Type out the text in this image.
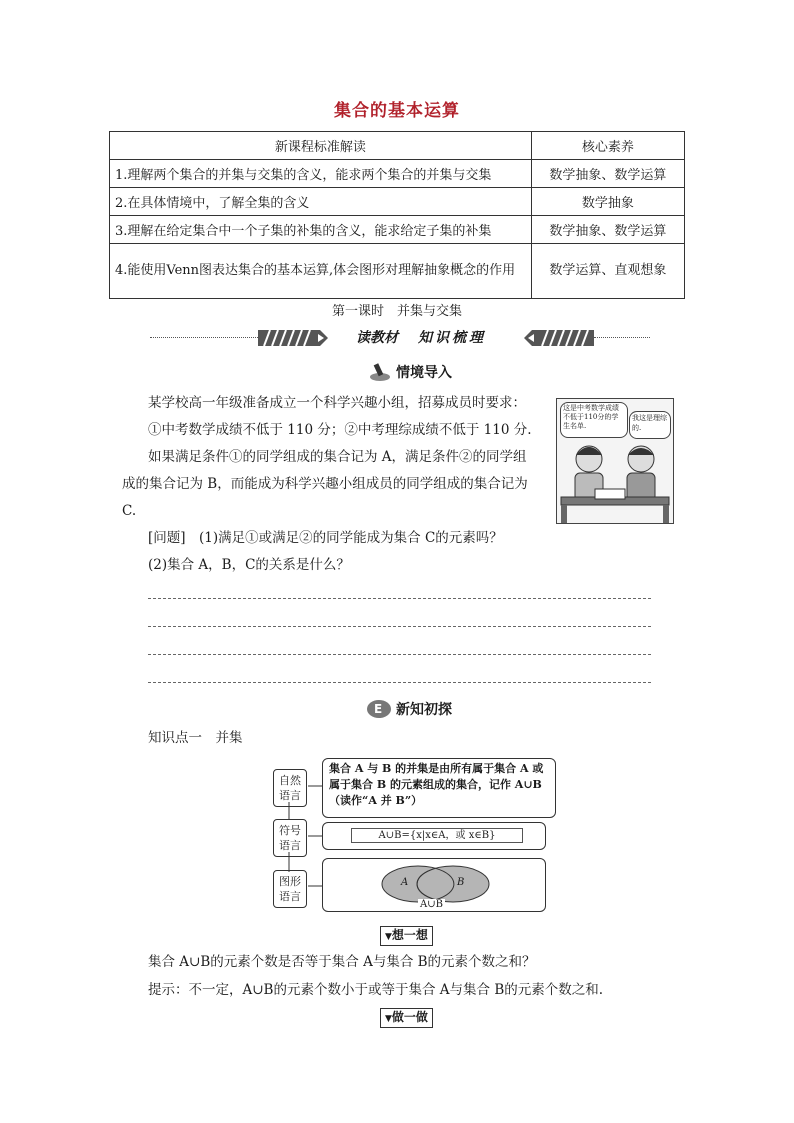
集合的基本运算
新课程标准解读	核心素养
1.理解两个集合的并集与交集的含义，能求两个集合的并集与交集	数学抽象、数学运算
2.在具体情境中，了解全集的含义	数学抽象
3.理解在给定集合中一个子集的补集的含义，能求给定子集的补集	数学抽象、数学运算
4.能使用Venn图表达集合的基本运算,体会图形对理解抽象概念的作用	数学运算、直观想象
第一课时　并集与交集
读教材 知识梳理
情境导入
某学校高一年级准备成立一个科学兴趣小组，招募成员时要求：
①中考数学成绩不低于 110 分；②中考理综成绩不低于 110 分.
如果满足条件①的同学组成的集合记为 A，满足条件②的同学组
成的集合记为 B，而能成为科学兴趣小组成员的同学组成的集合记为
C.
这是中考数学成绩不低于110分的学生名单.
我这是理综的.
[问题]　(1)满足①或满足②的同学能成为集合 C的元素吗？
(2)集合 A，B，C的关系是什么？
E 新知初探
知识点一　并集
自然语言
集合 A 与 B 的并集是由所有属于集合 A 或属于集合 B 的元素组成的集合，记作 A∪B（读作“A 并 B”）
符号语言
A∪B={x|x∈A，或 x∈B}
图形语言
A	B
A∪B
▼想一想
集合 A∪B的元素个数是否等于集合 A与集合 B的元素个数之和？
提示：不一定，A∪B的元素个数小于或等于集合 A与集合 B的元素个数之和.
▼做一做
